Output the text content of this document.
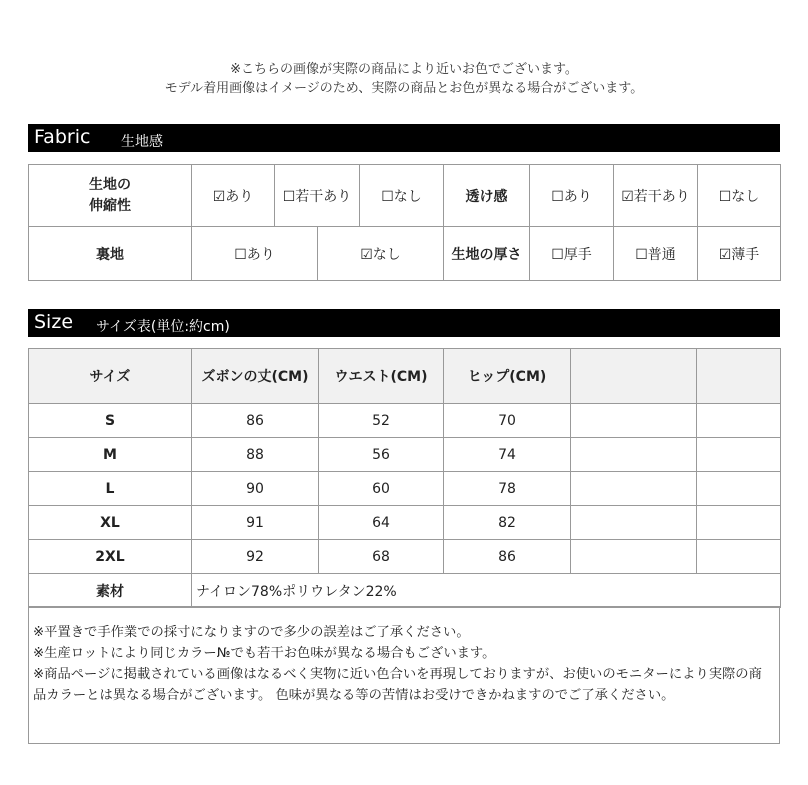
※こちらの画像が実際の商品により近いお色でございます。
モデル着用画像はイメージのため、実際の商品とお色が異なる場合がございます。
Fabric 生地感
生地の
伸縮性	☑あり	☐若干あり		☐なし	透け感	☐あり	☑若干あり	☐なし
裏地	☐あり		☑なし		生地の厚さ	☐厚手	☐普通	☑薄手
Size サイズ表(単位:約cm)
サイズ	ズボンの丈(CM)	ウエスト(CM)	ヒップ(CM)		
S	86	52	70		
M	88	56	74		
L	90	60	78		
XL	91	64	82		
2XL	92	68	86		
素材	ナイロン78%ポリウレタン22%				
※平置きで手作業での採寸になりますので多少の誤差はご了承ください。
※生産ロットにより同じカラー№でも若干お色味が異なる場合もございます。
※商品ページに掲載されている画像はなるべく実物に近い色合いを再現しておりますが、お使いのモニターにより実際の商品カラーとは異なる場合がございます。 色味が異なる等の苦情はお受けできかねますのでご了承ください。
